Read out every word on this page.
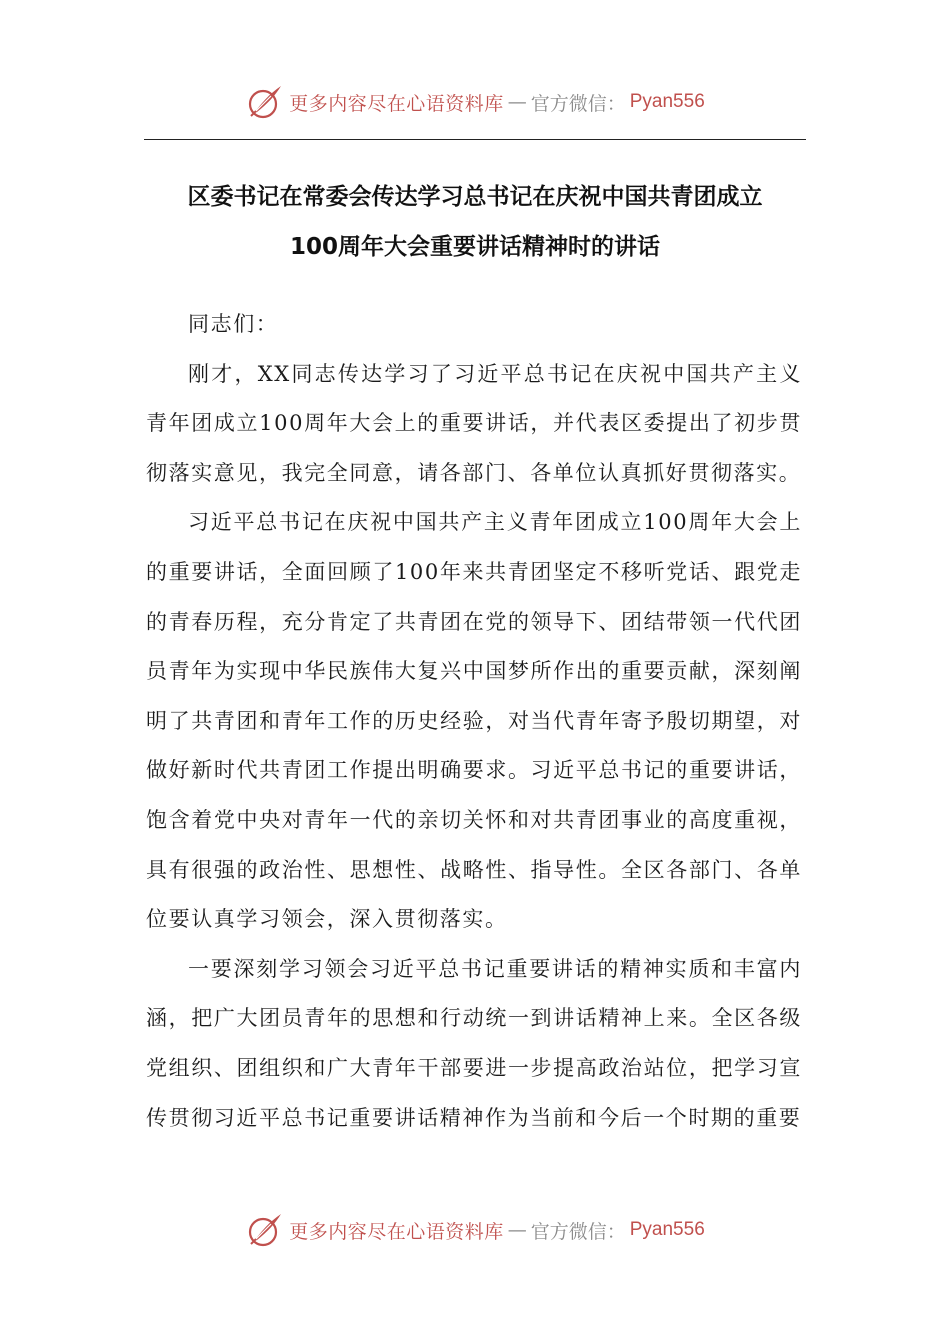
更多内容尽在心语资料库 — 官方微信： Pyan556
区委书记在常委会传达学习总书记在庆祝中国共青团成立
100周年大会重要讲话精神时的讲话

同志们：

刚才，XX同志传达学习了习近平总书记在庆祝中国共产主义青年团成立100周年大会上的重要讲话，并代表区委提出了初步贯彻落实意见，我完全同意，请各部门、各单位认真抓好贯彻落实。

习近平总书记在庆祝中国共产主义青年团成立100周年大会上的重要讲话，全面回顾了100年来共青团坚定不移听党话、跟党走的青春历程，充分肯定了共青团在党的领导下、团结带领一代代团员青年为实现中华民族伟大复兴中国梦所作出的重要贡献，深刻阐明了共青团和青年工作的历史经验，对当代青年寄予殷切期望，对做好新时代共青团工作提出明确要求。习近平总书记的重要讲话，饱含着党中央对青年一代的亲切关怀和对共青团事业的高度重视，具有很强的政治性、思想性、战略性、指导性。全区各部门、各单位要认真学习领会，深入贯彻落实。

一要深刻学习领会习近平总书记重要讲话的精神实质和丰富内涵，把广大团员青年的思想和行动统一到讲话精神上来。全区各级党组织、团组织和广大青年干部要进一步提高政治站位，把学习宣传贯彻习近平总书记重要讲话精神作为当前和今后一个时期的重要

更多内容尽在心语资料库 — 官方微信： Pyan556
